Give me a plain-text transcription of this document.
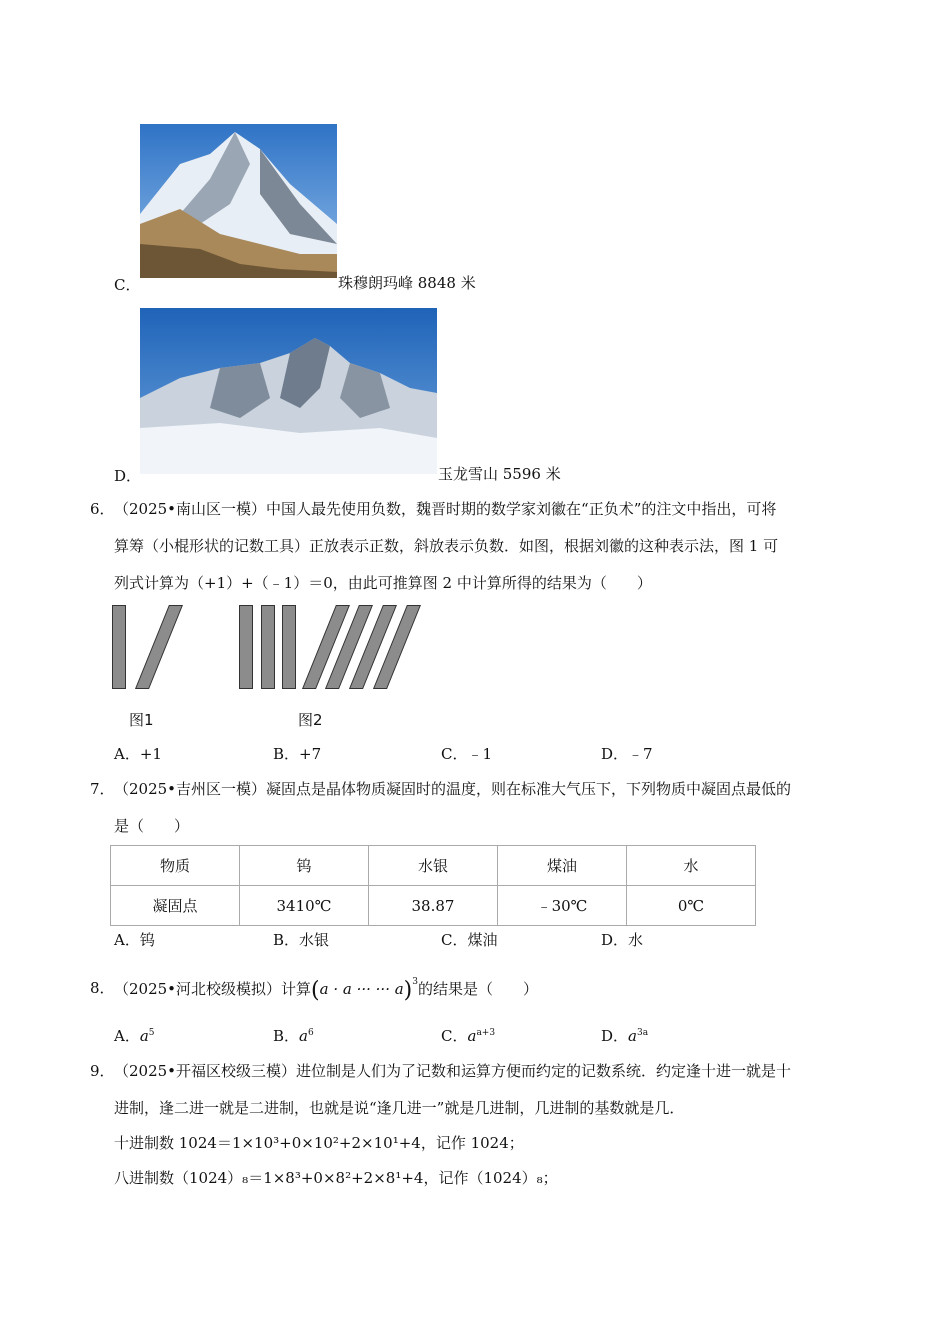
C．	珠穆朗玛峰 8848 米
D．	玉龙雪山 5596 米
6． （2025•南山区一模）中国人最先使用负数，魏晋时期的数学家刘徽在“正负术”的注文中指出，可将
算筹（小棍形状的记数工具）正放表示正数，斜放表示负数．如图，根据刘徽的这种表示法，图 1 可
列式计算为（+1）+（﹣1）＝0，由此可推算图 2 中计算所得的结果为（　　）
图1	图2
A．+1	B．+7	C．﹣1	D．﹣7
7． （2025•吉州区一模）凝固点是晶体物质凝固时的温度，则在标准大气压下，下列物质中凝固点最低的
是（　　）
物质	钨	水银	煤油	水
凝固点	3410℃	38.87	﹣30℃	0℃
A．钨	B．水银	C．煤油	D．水
8． （2025•河北校级模拟）计算(a · a ··· ··· a)$^3$的结果是（　　）
A．$a^5$	B．$a^6$	C．$a^{a+3}$	D．$a^{3a}$
9． （2025•开福区校级三模）进位制是人们为了记数和运算方便而约定的记数系统．约定逢十进一就是十
进制，逢二进一就是二进制，也就是说“逢几进一”就是几进制，几进制的基数就是几．
十进制数 1024＝1×10³+0×10²+2×10¹+4，记作 1024；
八进制数（1024）₈＝1×8³+0×8²+2×8¹+4，记作（1024）₈；
